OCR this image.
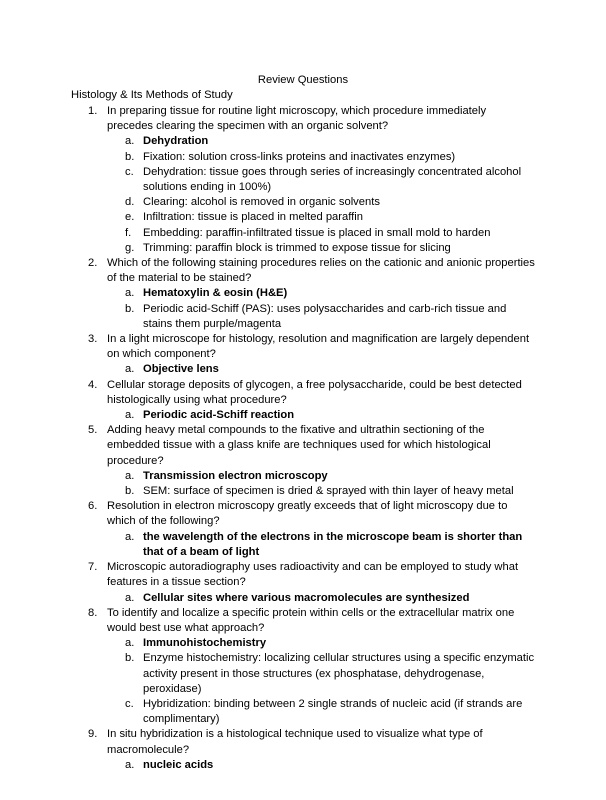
Review Questions
Histology & Its Methods of Study
1. In preparing tissue for routine light microscopy, which procedure immediately precedes clearing the specimen with an organic solvent?
a. Dehydration
b. Fixation: solution cross-links proteins and inactivates enzymes)
c. Dehydration: tissue goes through series of increasingly concentrated alcohol solutions ending in 100%)
d. Clearing: alcohol is removed in organic solvents
e. Infiltration: tissue is placed in melted paraffin
f. Embedding: paraffin-infiltrated tissue is placed in small mold to harden
g. Trimming: paraffin block is trimmed to expose tissue for slicing
2. Which of the following staining procedures relies on the cationic and anionic properties of the material to be stained?
a. Hematoxylin & eosin (H&E)
b. Periodic acid-Schiff (PAS): uses polysaccharides and carb-rich tissue and stains them purple/magenta
3. In a light microscope for histology, resolution and magnification are largely dependent on which component?
a. Objective lens
4. Cellular storage deposits of glycogen, a free polysaccharide, could be best detected histologically using what procedure?
a. Periodic acid-Schiff reaction
5. Adding heavy metal compounds to the fixative and ultrathin sectioning of the embedded tissue with a glass knife are techniques used for which histological procedure?
a. Transmission electron microscopy
b. SEM: surface of specimen is dried & sprayed with thin layer of heavy metal
6. Resolution in electron microscopy greatly exceeds that of light microscopy due to which of the following?
a. the wavelength of the electrons in the microscope beam is shorter than that of a beam of light
7. Microscopic autoradiography uses radioactivity and can be employed to study what features in a tissue section?
a. Cellular sites where various macromolecules are synthesized
8. To identify and localize a specific protein within cells or the extracellular matrix one would best use what approach?
a. Immunohistochemistry
b. Enzyme histochemistry: localizing cellular structures using a specific enzymatic activity present in those structures (ex phosphatase, dehydrogenase, peroxidase)
c. Hybridization: binding between 2 single strands of nucleic acid (if strands are complimentary)
9. In situ hybridization is a histological technique used to visualize what type of macromolecule?
a. nucleic acids
